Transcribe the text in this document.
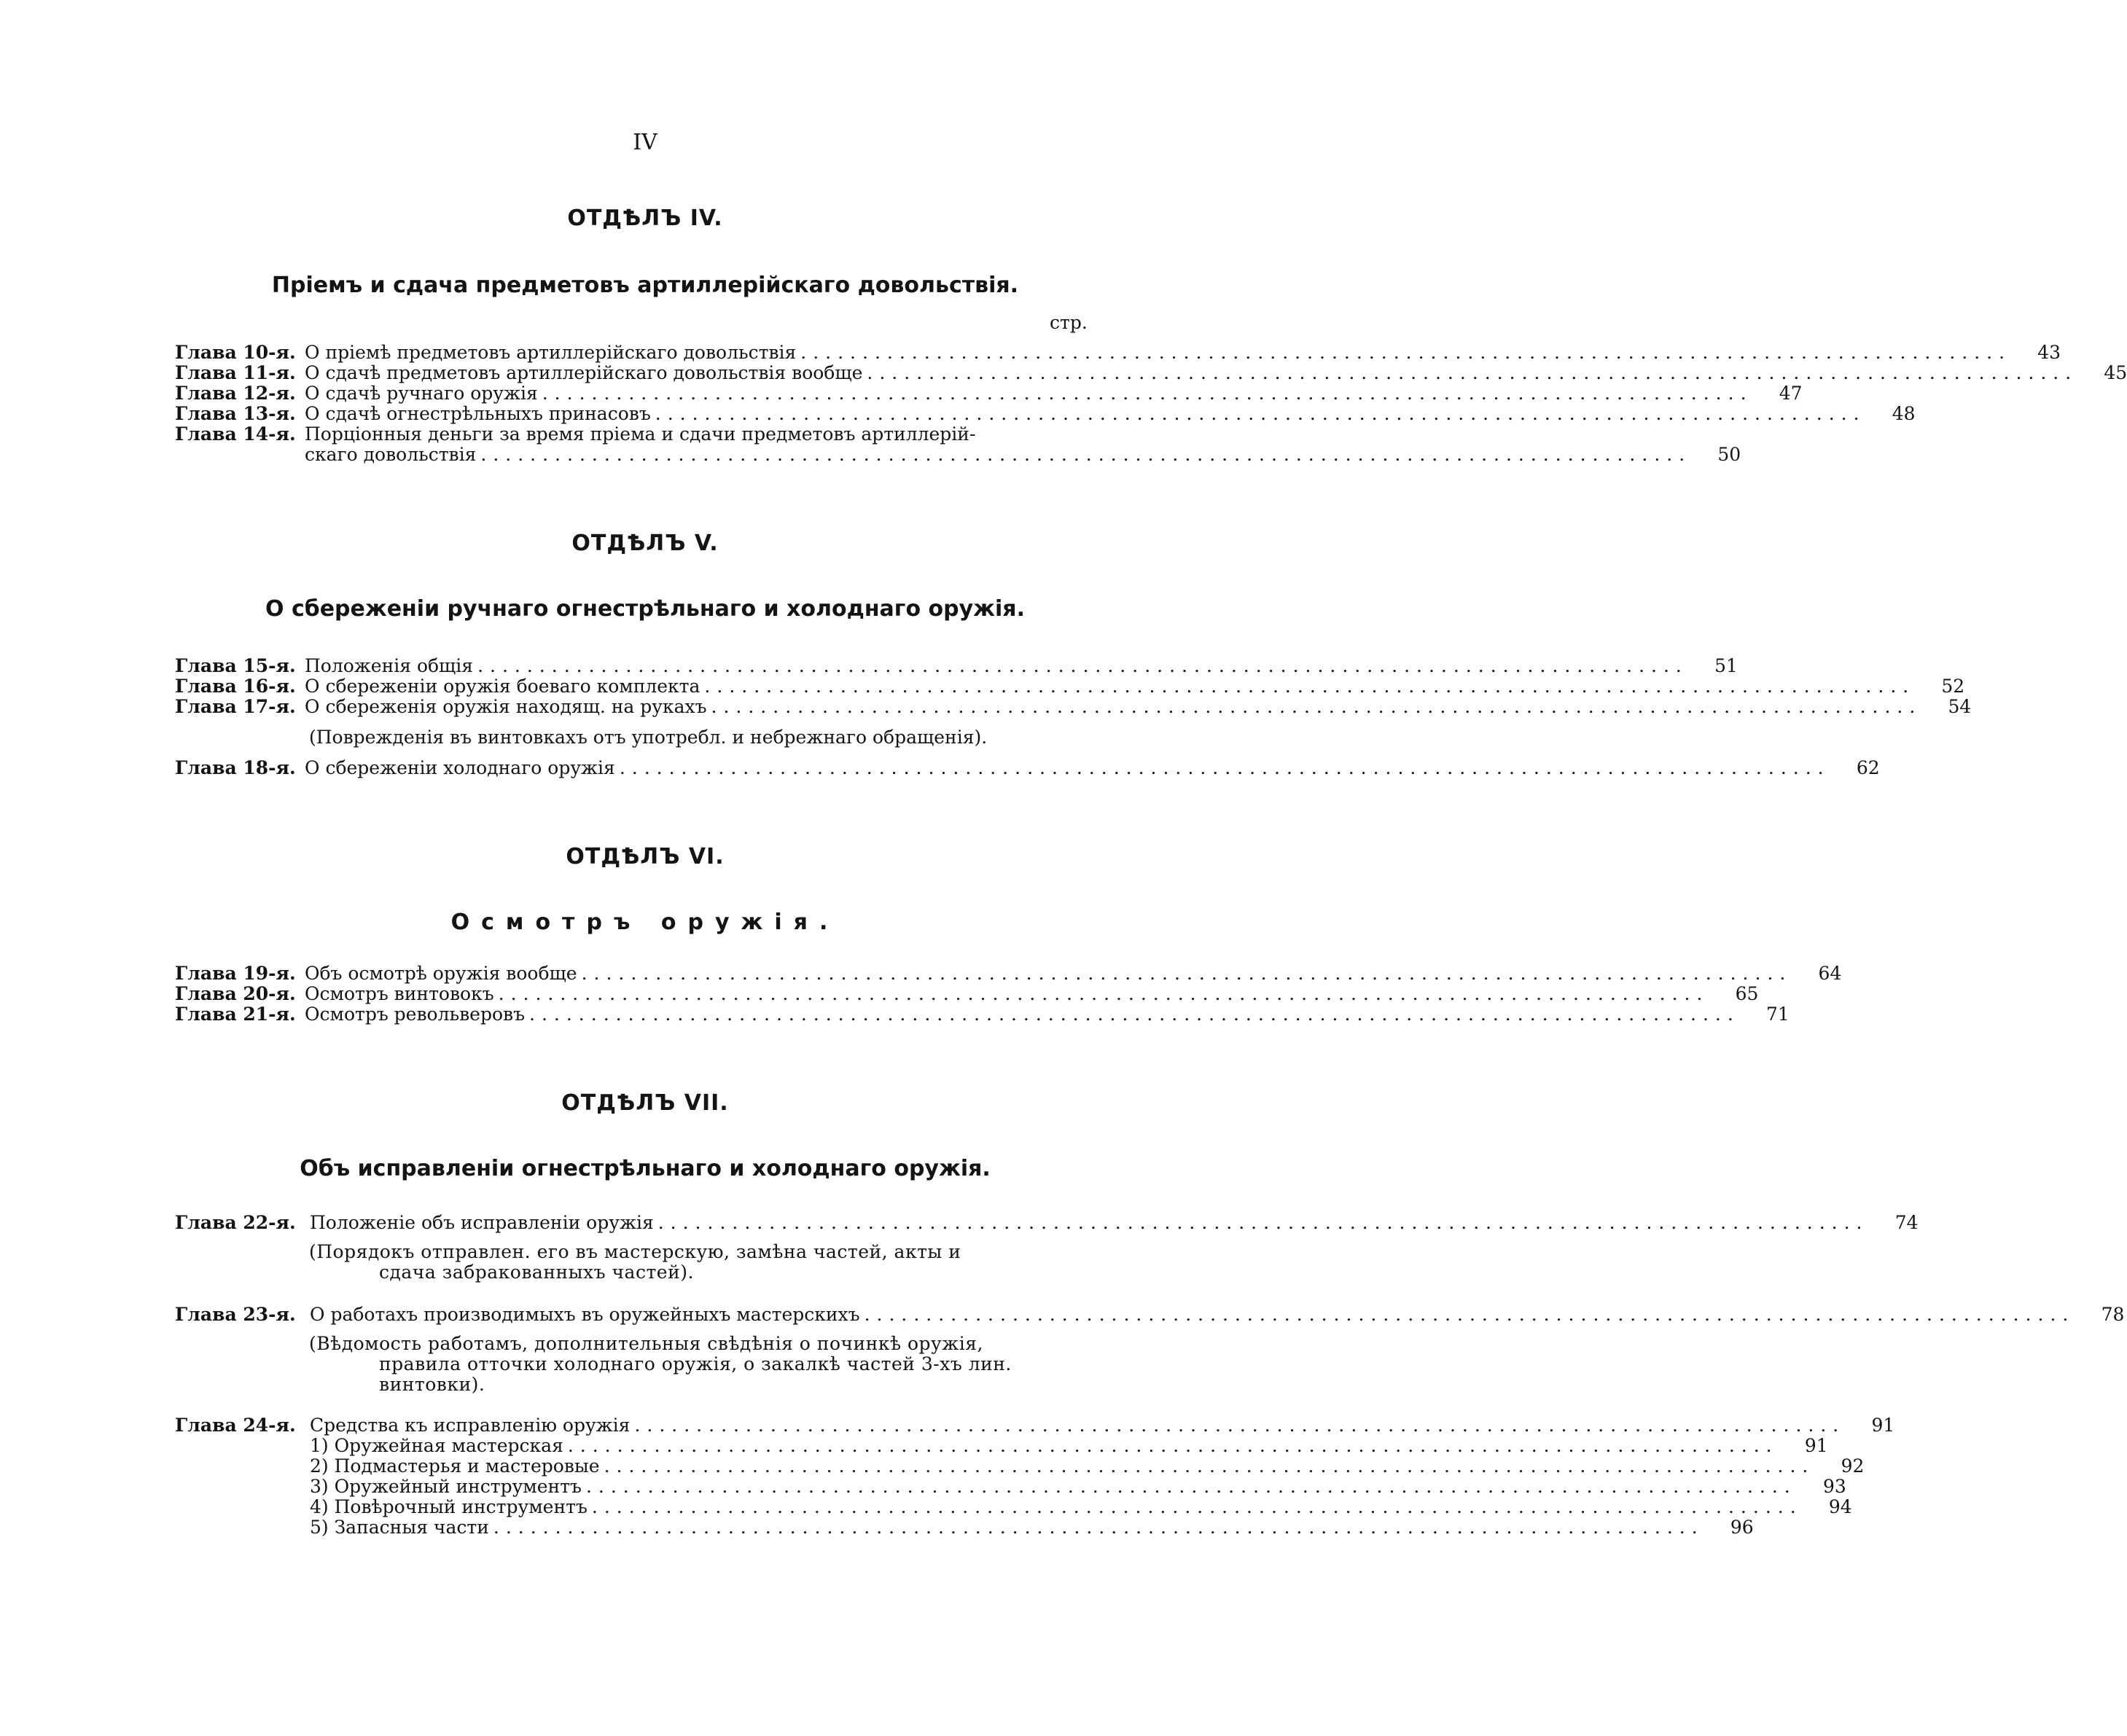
IV
ОТДѢЛЪ IV.
Пріемъ и сдача предметовъ артиллерійскаго довольствія.
стр.
Глава 10-я. О пріемѣ предметовъ артиллерійскаго довольствія ..................................................................................................	43
Глава 11-я. О сдачѣ предметовъ артиллерійскаго довольствія вообще ..................................................................................................	45
Глава 12-я. О сдачѣ ручнаго оружія ..................................................................................................	47
Глава 13-я. О сдачѣ огнестрѣльныхъ принасовъ ..................................................................................................	48
Глава 14-я. Порціонныя деньги за время пріема и сдачи предметовъ артиллерій-
скаго довольствія ..................................................................................................	50
ОТДѢЛЪ V.
О сбереженіи ручнаго огнестрѣльнаго и холоднаго оружія.
Глава 15-я. Положенія общія ..................................................................................................	51
Глава 16-я. О сбереженіи оружія боеваго комплекта ..................................................................................................	52
Глава 17-я. О сбереженія оружія находящ. на рукахъ ..................................................................................................	54
(Поврежденія въ винтовкахъ отъ употребл. и небрежнаго обращенія).
Глава 18-я. О сбереженіи холоднаго оружія ..................................................................................................	62
ОТДѢЛЪ VI.
Осмотръ оружія.
Глава 19-я. Объ осмотрѣ оружія вообще ..................................................................................................	64
Глава 20-я. Осмотръ винтовокъ ..................................................................................................	65
Глава 21-я. Осмотръ револьверовъ ..................................................................................................	71
ОТДѢЛЪ VII.
Объ исправленіи огнестрѣльнаго и холоднаго оружія.
Глава 22-я. Положеніе объ исправленіи оружія ..................................................................................................	74
(Порядокъ отправлен. его въ мастерскую, замѣна частей, акты и
сдача забракованныхъ частей).
Глава 23-я. О работахъ производимыхъ въ оружейныхъ мастерскихъ ..................................................................................................	78
(Вѣдомость работамъ, дополнительныя свѣдѣнія о починкѣ оружія,
правила отточки холоднаго оружія, о закалкѣ частей 3-хъ лин.
винтовки).
Глава 24-я. Средства къ исправленію оружія ..................................................................................................	91
1) Оружейная мастерская ..................................................................................................	91
2) Подмастерья и мастеровые ..................................................................................................	92
3) Оружейный инструментъ ..................................................................................................	93
4) Повѣрочный инструментъ ..................................................................................................	94
5) Запасныя части ..................................................................................................	96
